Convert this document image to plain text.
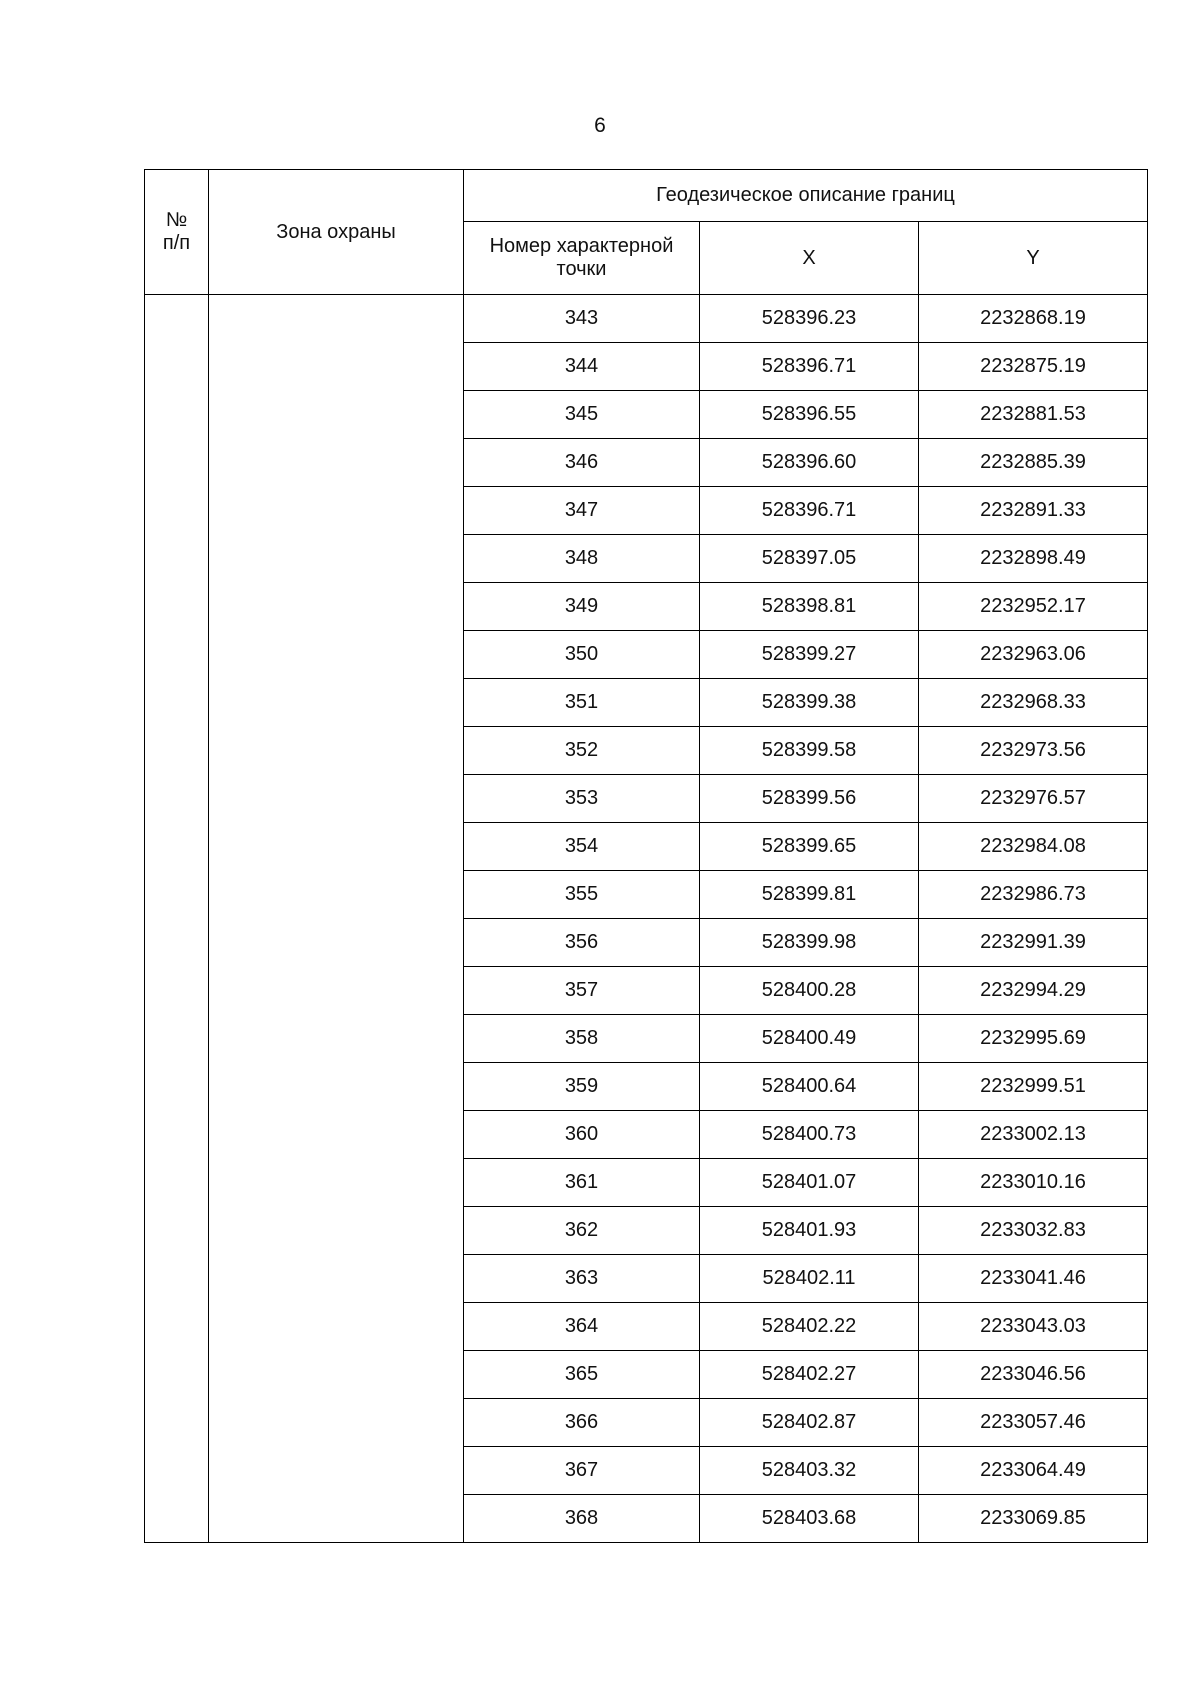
6
№ п/п	Зона охраны	Геодезическое описание границ		

		Номер характерной точки	X	Y
		343	528396.23	2232868.19
		344	528396.71	2232875.19
		345	528396.55	2232881.53
		346	528396.60	2232885.39
		347	528396.71	2232891.33
		348	528397.05	2232898.49
		349	528398.81	2232952.17
		350	528399.27	2232963.06
		351	528399.38	2232968.33
		352	528399.58	2232973.56
		353	528399.56	2232976.57
		354	528399.65	2232984.08
		355	528399.81	2232986.73
		356	528399.98	2232991.39
		357	528400.28	2232994.29
		358	528400.49	2232995.69
		359	528400.64	2232999.51
		360	528400.73	2233002.13
		361	528401.07	2233010.16
		362	528401.93	2233032.83
		363	528402.11	2233041.46
		364	528402.22	2233043.03
		365	528402.27	2233046.56
		366	528402.87	2233057.46
		367	528403.32	2233064.49
		368	528403.68	2233069.85
